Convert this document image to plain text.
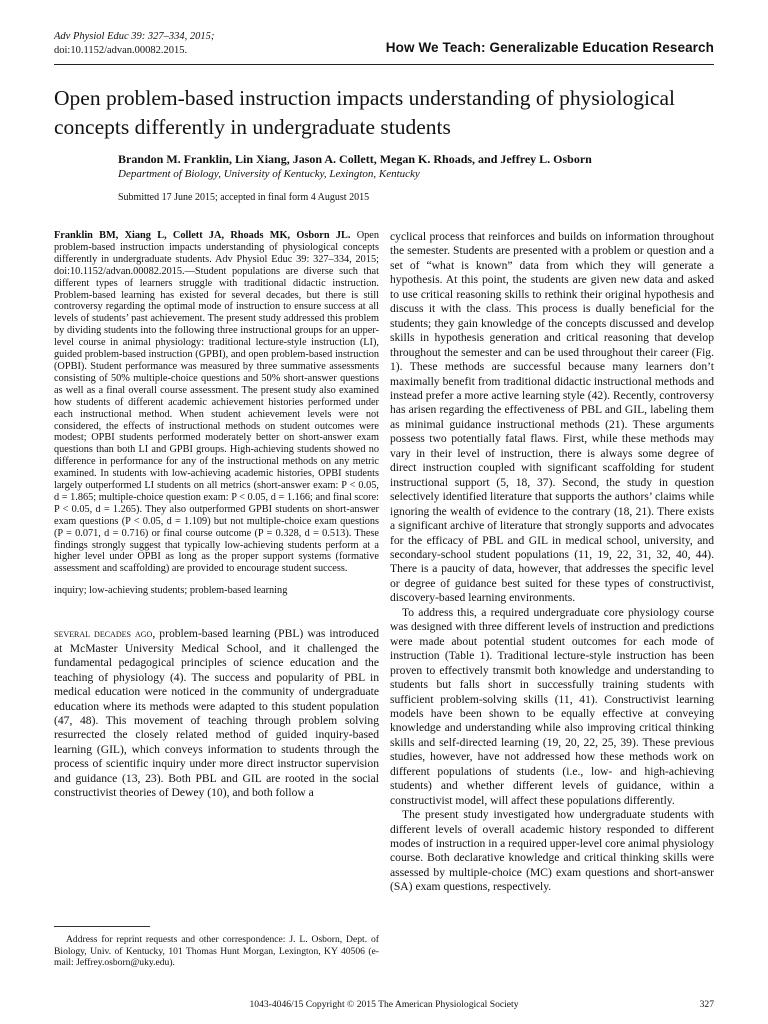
Adv Physiol Educ 39: 327–334, 2015;
doi:10.1152/advan.00082.2015.	How We Teach: Generalizable Education Research
Open problem-based instruction impacts understanding of physiological concepts differently in undergraduate students
Brandon M. Franklin, Lin Xiang, Jason A. Collett, Megan K. Rhoads, and Jeffrey L. Osborn
Department of Biology, University of Kentucky, Lexington, Kentucky
Submitted 17 June 2015; accepted in final form 4 August 2015
Franklin BM, Xiang L, Collett JA, Rhoads MK, Osborn JL. Open problem-based instruction impacts understanding of physiological concepts differently in undergraduate students. Adv Physiol Educ 39: 327–334, 2015; doi:10.1152/advan.00082.2015.—Student populations are diverse such that different types of learners struggle with traditional didactic instruction. Problem-based learning has existed for several decades, but there is still controversy regarding the optimal mode of instruction to ensure success at all levels of students’ past achievement. The present study addressed this problem by dividing students into the following three instructional groups for an upper-level course in animal physiology: traditional lecture-style instruction (LI), guided problem-based instruction (GPBI), and open problem-based instruction (OPBI). Student performance was measured by three summative assessments consisting of 50% multiple-choice questions and 50% short-answer questions as well as a final overall course assessment. The present study also examined how students of different academic achievement histories performed under each instructional method. When student achievement levels were not considered, the effects of instructional methods on student outcomes were modest; OPBI students performed moderately better on short-answer exam questions than both LI and GPBI groups. High-achieving students showed no difference in performance for any of the instructional methods on any metric examined. In students with low-achieving academic histories, OPBI students largely outperformed LI students on all metrics (short-answer exam: P < 0.05, d = 1.865; multiple-choice question exam: P < 0.05, d = 1.166; and final score: P < 0.05, d = 1.265). They also outperformed GPBI students on short-answer exam questions (P < 0.05, d = 1.109) but not multiple-choice exam questions (P = 0.071, d = 0.716) or final course outcome (P = 0.328, d = 0.513). These findings strongly suggest that typically low-achieving students perform at a higher level under OPBI as long as the proper support systems (formative assessment and scaffolding) are provided to encourage student success.
inquiry; low-achieving students; problem-based learning

several decades ago, problem-based learning (PBL) was introduced at McMaster University Medical School, and it challenged the fundamental pedagogical principles of science education and the teaching of physiology (4). The success and popularity of PBL in medical education were noticed in the community of undergraduate education where its methods were adapted to this student population (47, 48). This movement of teaching through problem solving resurrected the closely related method of guided inquiry-based learning (GIL), which conveys information to students through the process of scientific inquiry under more direct instructor supervision and guidance (13, 23). Both PBL and GIL are rooted in the social constructivist theories of Dewey (10), and both follow a

cyclical process that reinforces and builds on information throughout the semester. Students are presented with a problem or question and a set of “what is known” data from which they will generate a hypothesis. At this point, the students are given new data and asked to use critical reasoning skills to rethink their original hypothesis and discuss it with the class. This process is dually beneficial for the students; they gain knowledge of the concepts discussed and develop skills in hypothesis generation and critical reasoning that develop throughout the semester and can be used throughout their career (Fig. 1). These methods are successful because many learners don’t maximally benefit from traditional didactic instructional methods and instead prefer a more active learning style (42). Recently, controversy has arisen regarding the effectiveness of PBL and GIL, labeling them as minimal guidance instructional methods (21). These arguments possess two potentially fatal flaws. First, while these methods may vary in their level of instruction, there is always some degree of direct instruction coupled with significant scaffolding for student instructional support (5, 18, 37). Second, the study in question selectively identified literature that supports the authors’ claims while ignoring the wealth of evidence to the contrary (18, 21). There exists a significant archive of literature that strongly supports and advocates for the efficacy of PBL and GIL in medical school, university, and secondary-school student populations (11, 19, 22, 31, 32, 40, 44). There is a paucity of data, however, that addresses the specific level or degree of guidance best suited for these types of constructivist, discovery-based learning environments.

To address this, a required undergraduate core physiology course was designed with three different levels of instruction and predictions were made about potential student outcomes for each mode of instruction (Table 1). Traditional lecture-style instruction has been proven to effectively transmit both knowledge and understanding to students but falls short in successfully training students with sufficient problem-solving skills (11, 41). Constructivist learning models have been shown to be equally effective at conveying knowledge and understanding while also improving critical thinking skills and self-directed learning (19, 20, 22, 25, 39). These previous studies, however, have not addressed how these methods work on different populations of students (i.e., low- and high-achieving students) and whether different levels of guidance, within a constructivist model, will affect these populations differently.

The present study investigated how undergraduate students with different levels of overall academic history responded to different modes of instruction in a required upper-level core animal physiology course. Both declarative knowledge and critical thinking skills were assessed by multiple-choice (MC) exam questions and short-answer (SA) exam questions, respectively.

Address for reprint requests and other correspondence: J. L. Osborn, Dept. of Biology, Univ. of Kentucky, 101 Thomas Hunt Morgan, Lexington, KY 40506 (e-mail: Jeffrey.osborn@uky.edu).
1043-4046/15 Copyright © 2015 The American Physiological Society	327
